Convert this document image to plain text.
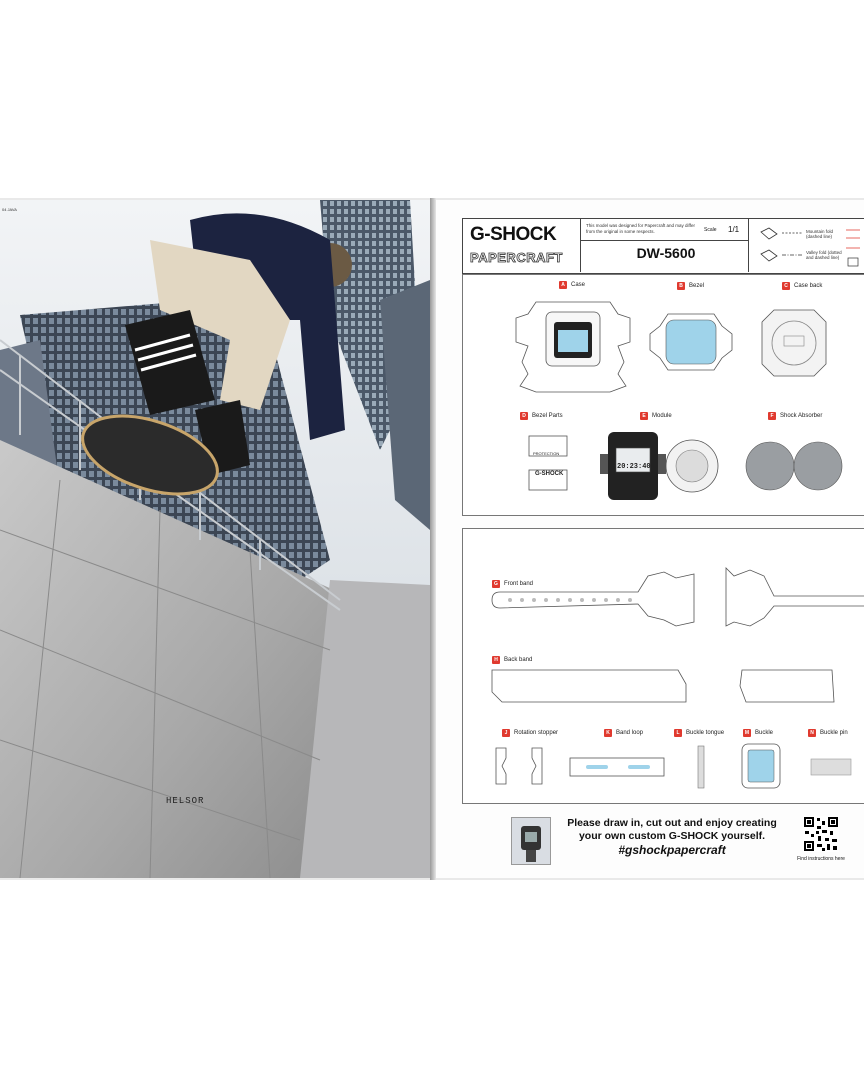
04 JAVA
HELSOR
G-SHOCK
PAPERCRAFT
This model was designed for Papercraft and may differ from the original in some respects.	Scale 1/1
DW-5600
Mountain fold (dashed line)
Valley fold (dotted and dashed line)
A	Case	B	Bezel	C	Case back
D	Bezel Parts	E	Module	F	Shock Absorber
PROTECTION
G-SHOCK
20:23:40
G	Front band
H	Back band
J	Rotation stopper	K	Band loop	L	Buckle tongue	M Buckle	N	Buckle pin
Please draw in, cut out and enjoy creating
your own custom G-SHOCK yourself.
#gshockpapercraft
Find instructions here
